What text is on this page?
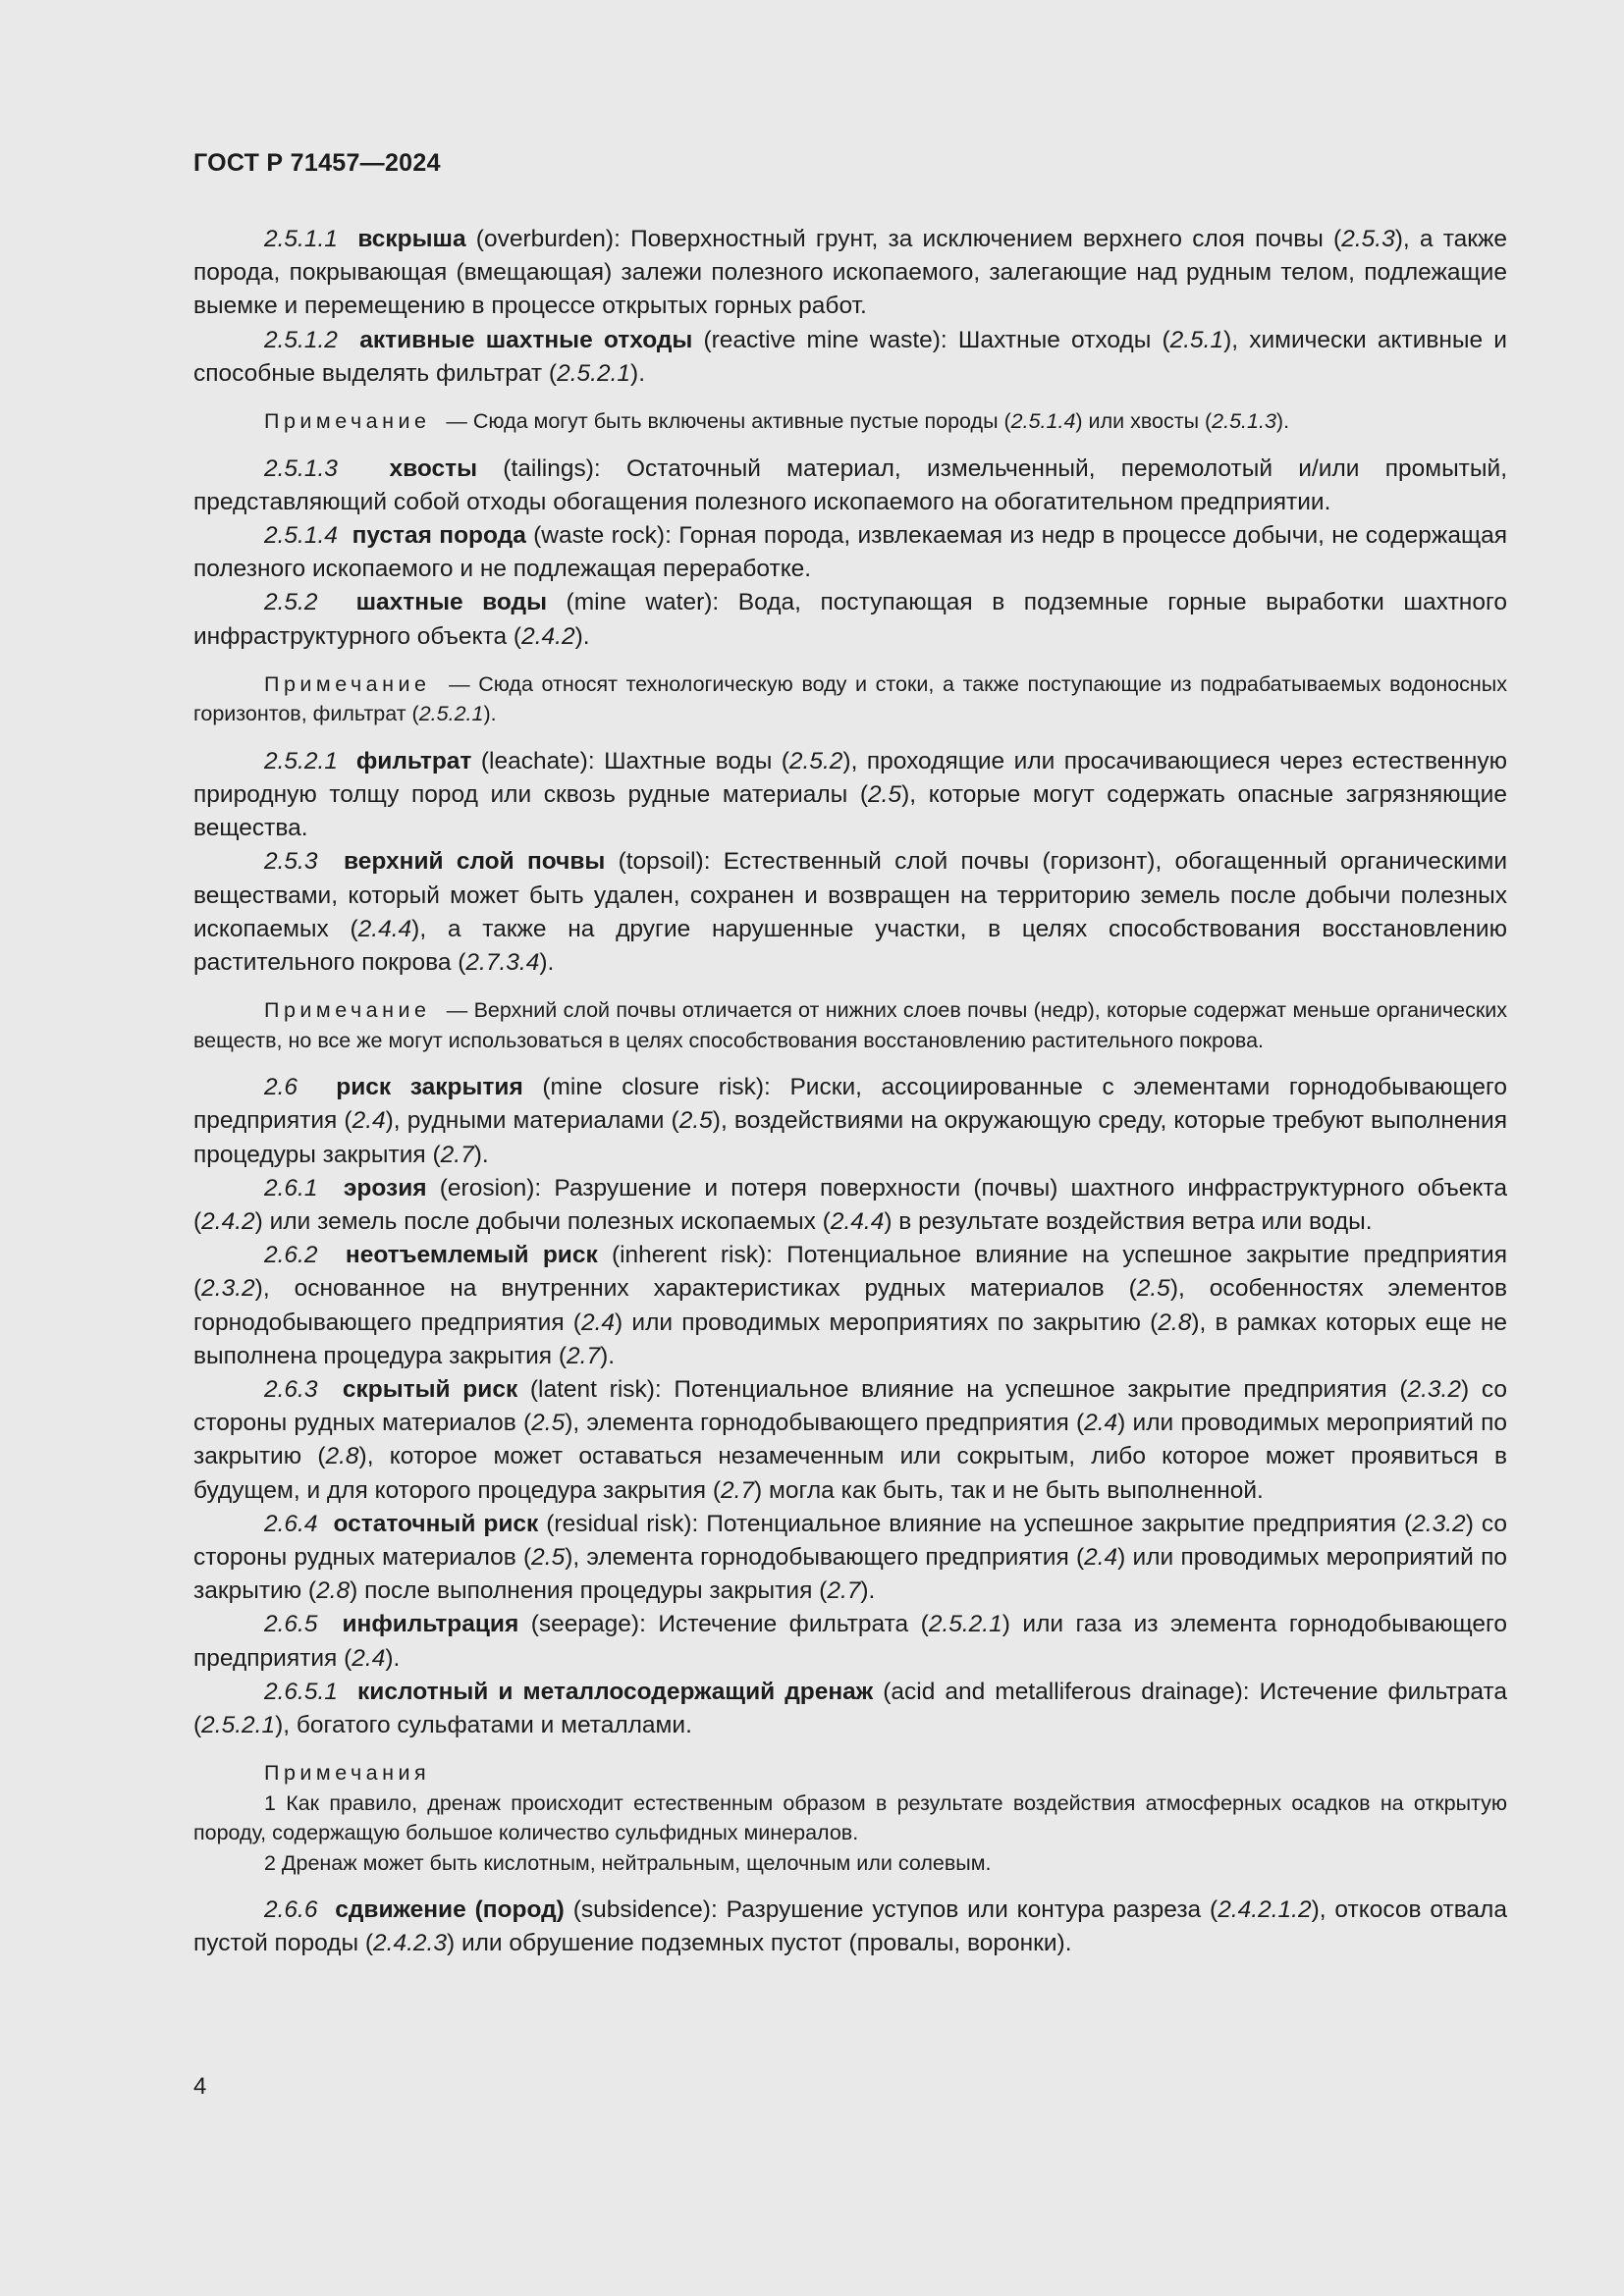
ГОСТ Р 71457—2024

2.5.1.1 вскрыша (overburden): Поверхностный грунт, за исключением верхнего слоя почвы (2.5.3), а также порода, покрывающая (вмещающая) залежи полезного ископаемого, залегающие над рудным телом, подлежащие выемке и перемещению в процессе открытых горных работ.

2.5.1.2 активные шахтные отходы (reactive mine waste): Шахтные отходы (2.5.1), химически активные и способные выделять фильтрат (2.5.2.1).

Примечание — Сюда могут быть включены активные пустые породы (2.5.1.4) или хвосты (2.5.1.3).

2.5.1.3 хвосты (tailings): Остаточный материал, измельченный, перемолотый и/или промытый, представляющий собой отходы обогащения полезного ископаемого на обогатительном предприятии.

2.5.1.4 пустая порода (waste rock): Горная порода, извлекаемая из недр в процессе добычи, не содержащая полезного ископаемого и не подлежащая переработке.

2.5.2 шахтные воды (mine water): Вода, поступающая в подземные горные выработки шахтного инфраструктурного объекта (2.4.2).

Примечание — Сюда относят технологическую воду и стоки, а также поступающие из подрабатываемых водоносных горизонтов, фильтрат (2.5.2.1).

2.5.2.1 фильтрат (leachate): Шахтные воды (2.5.2), проходящие или просачивающиеся через естественную природную толщу пород или сквозь рудные материалы (2.5), которые могут содержать опасные загрязняющие вещества.

2.5.3 верхний слой почвы (topsoil): Естественный слой почвы (горизонт), обогащенный органическими веществами, который может быть удален, сохранен и возвращен на территорию земель после добычи полезных ископаемых (2.4.4), а также на другие нарушенные участки, в целях способствования восстановлению растительного покрова (2.7.3.4).

Примечание — Верхний слой почвы отличается от нижних слоев почвы (недр), которые содержат меньше органических веществ, но все же могут использоваться в целях способствования восстановлению растительного покрова.

2.6 риск закрытия (mine closure risk): Риски, ассоциированные с элементами горнодобывающего предприятия (2.4), рудными материалами (2.5), воздействиями на окружающую среду, которые требуют выполнения процедуры закрытия (2.7).

2.6.1 эрозия (erosion): Разрушение и потеря поверхности (почвы) шахтного инфраструктурного объекта (2.4.2) или земель после добычи полезных ископаемых (2.4.4) в результате воздействия ветра или воды.

2.6.2 неотъемлемый риск (inherent risk): Потенциальное влияние на успешное закрытие предприятия (2.3.2), основанное на внутренних характеристиках рудных материалов (2.5), особенностях элементов горнодобывающего предприятия (2.4) или проводимых мероприятиях по закрытию (2.8), в рамках которых еще не выполнена процедура закрытия (2.7).

2.6.3 скрытый риск (latent risk): Потенциальное влияние на успешное закрытие предприятия (2.3.2) со стороны рудных материалов (2.5), элемента горнодобывающего предприятия (2.4) или проводимых мероприятий по закрытию (2.8), которое может оставаться незамеченным или сокрытым, либо которое может проявиться в будущем, и для которого процедура закрытия (2.7) могла как быть, так и не быть выполненной.

2.6.4 остаточный риск (residual risk): Потенциальное влияние на успешное закрытие предприятия (2.3.2) со стороны рудных материалов (2.5), элемента горнодобывающего предприятия (2.4) или проводимых мероприятий по закрытию (2.8) после выполнения процедуры закрытия (2.7).

2.6.5 инфильтрация (seepage): Истечение фильтрата (2.5.2.1) или газа из элемента горнодобывающего предприятия (2.4).

2.6.5.1 кислотный и металлосодержащий дренаж (acid and metalliferous drainage): Истечение фильтрата (2.5.2.1), богатого сульфатами и металлами.

Примечания

1 Как правило, дренаж происходит естественным образом в результате воздействия атмосферных осадков на открытую породу, содержащую большое количество сульфидных минералов.

2 Дренаж может быть кислотным, нейтральным, щелочным или солевым.

2.6.6 сдвижение (пород) (subsidence): Разрушение уступов или контура разреза (2.4.2.1.2), откосов отвала пустой породы (2.4.2.3) или обрушение подземных пустот (провалы, воронки).

4
